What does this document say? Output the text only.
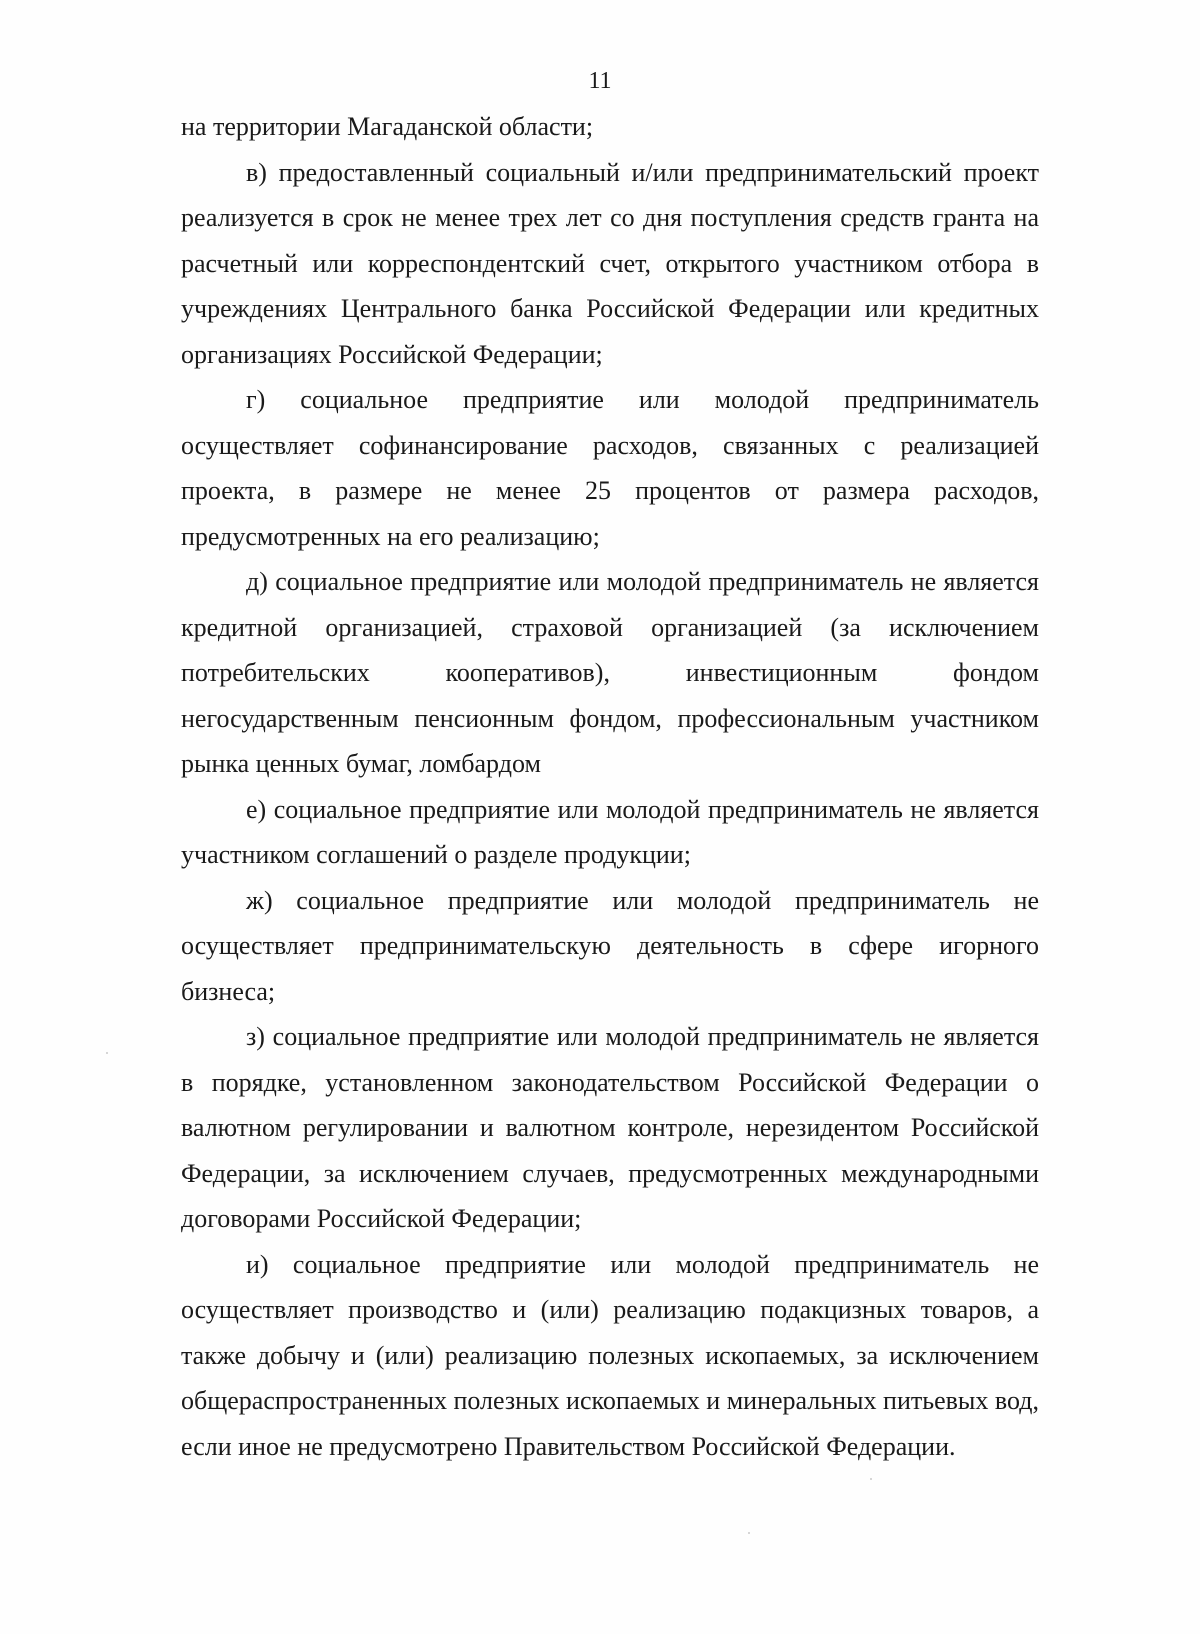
11

на территории Магаданской области;

в) предоставленный социальный и/или предпринимательский проект реализуется в срок не менее трех лет со дня поступления средств гранта на расчетный или корреспондентский счет, открытого участником отбора в учреждениях Центрального банка Российской Федерации или кредитных организациях Российской Федерации;

г) социальное предприятие или молодой предприниматель осуществляет софинансирование расходов, связанных с реализацией проекта, в размере не менее 25 процентов от размера расходов, предусмотренных на его реализацию;

д) социальное предприятие или молодой предприниматель не является кредитной организацией, страховой организацией (за исключением потребительских кооперативов), инвестиционным фондом негосударственным пенсионным фондом, профессиональным участником рынка ценных бумаг, ломбардом

е) социальное предприятие или молодой предприниматель не является участником соглашений о разделе продукции;

ж) социальное предприятие или молодой предприниматель не осуществляет предпринимательскую деятельность в сфере игорного бизнеса;

з) социальное предприятие или молодой предприниматель не является в порядке, установленном законодательством Российской Федерации о валютном регулировании и валютном контроле, нерезидентом Российской Федерации, за исключением случаев, предусмотренных международными договорами Российской Федерации;

и) социальное предприятие или молодой предприниматель не осуществляет производство и (или) реализацию подакцизных товаров, а также добычу и (или) реализацию полезных ископаемых, за исключением общераспространенных полезных ископаемых и минеральных питьевых вод, если иное не предусмотрено Правительством Российской Федерации.
